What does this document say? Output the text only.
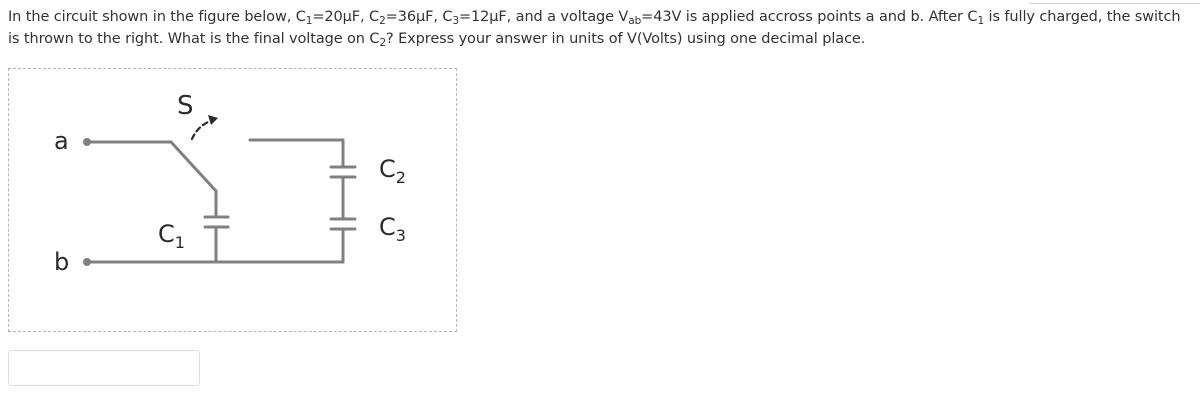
In the circuit shown in the figure below, $C_1=20\mu F$, $C_2=36\mu F$, $C_3=12\mu F$, and a voltage $V_{ab}=43V$ is applied accross points a and b. After $C_1$ is fully charged, the switch is thrown to the right. What is the final voltage on $C_2$? Express your answer in units of V(Volts) using one decimal place.
a
b
S
$C_1$
$C_2$
$C_3$
